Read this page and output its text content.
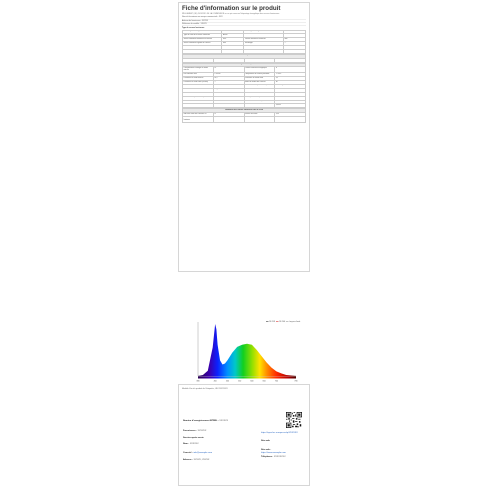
Fiche d'information sur le produit
RÈGLEMENT (UE) 2019/2015 DE LA COMMISSION en ce qui concerne l'étiquetage énergétique des sources lumineuses
Nom du fournisseur ou marque commerciale : XXX
Adresse du fournisseur : XXXXX
Référence du modèle : XXXXX
Type de source lumineuse
Technologie d'éclairage utilisée	LED	Non dirigée ou dirigée	NDLS
Type de culot de la source lumineuse	Aucun		
Source lumineuse alimentée sur secteur	MLS	Source lumineuse connectée	Non
Source lumineuse réglable en couleur	Non	Enveloppe	—
Source lumineuse à luminance élevée	Non		
Protection anti-éblouissement	Non	Variable	Oui
Paramètres du produit
Paramètre	Valeur	Paramètre	Valeur
Paramètres généraux du produit			
Consommation d'énergie en mode marche	25	Classe d'efficacité énergétique	G
Flux lumineux utile	2 500 lm	Température de couleur proximale	2 700 K
Puissance en mode marche	24,5	Puissance en mode veille	0,5
Puissance en mode veille (réseau)	—	Indice de rendu des couleurs	80
Dimensions extérieures	Hauteur 4	Distribution de la puissance spectrale	Voir l'image
	Largeur 30		
	Profondeur 2		
Déclaration de puissance équivalente	—	Si oui, puissance équivalente	—
		Coordonnées chromatiques	0,4390
			0,4030
Paramètres des sources lumineuses LED et OLED			
Indice de rendu des couleurs R9	37	Facteur de survie	0,90
Facteur de conservation du flux lumineux	0,80		
CIE 1931 CIE 1964 Longueur d'onde
380	450	500	550	600	650	700	780
Modèle Vue du produit de l'étiquette, UE XXXXXXX
Numéro d'enregistrement EPREL : XXXXXX
Fournisseur : XXXXXX
Service après-vente
Nom : XXXXXX
Courriel : info@exemple.com
Adresse : XXXXX, XXXXX
https://eprel.ec.europa.eu/qr/XXXXXX
Site web
Site web : https://www.exemple.com
Téléphone : XXXXXXXX
